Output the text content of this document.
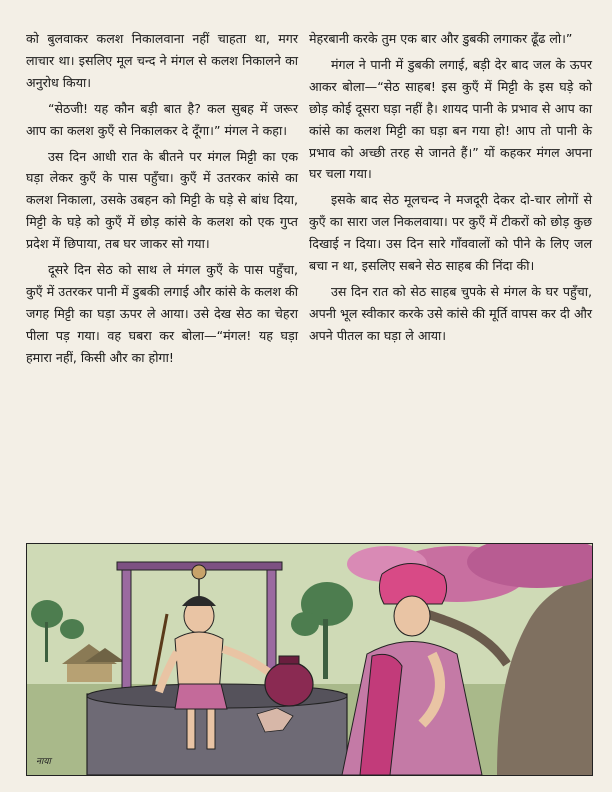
को बुलवाकर कलश निकालवाना नहीं चाहता था, मगर लाचार था। इसलिए मूल चन्द ने मंगल से कलश निकालने का अनुरोध किया।

“सेठजी! यह कौन बड़ी बात है? कल सुबह में जरूर आप का कलश कुएँ से निकालकर दे दूँगा।” मंगल ने कहा।

उस दिन आधी रात के बीतने पर मंगल मिट्टी का एक घड़ा लेकर कुएँ के पास पहुँचा। कुएँ में उतरकर कांसे का कलश निकाला, उसके उबहन को मिट्टी के घड़े से बांध दिया, मिट्टी के घड़े को कुएँ में छोड़ कांसे के कलश को एक गुप्त प्रदेश में छिपाया, तब घर जाकर सो गया।

दूसरे दिन सेठ को साथ ले मंगल कुएँ के पास पहुँचा, कुएँ में उतरकर पानी में डुबकी लगाई और कांसे के कलश की जगह मिट्टी का घड़ा ऊपर ले आया। उसे देख सेठ का चेहरा पीला पड़ गया। वह घबरा कर बोला—“मंगल! यह घड़ा हमारा नहीं, किसी और का होगा!

मेहरबानी करके तुम एक बार और डुबकी लगाकर ढूँढ लो।”

मंगल ने पानी में डुबकी लगाई, बड़ी देर बाद जल के ऊपर आकर बोला—“सेठ साहब! इस कुएँ में मिट्टी के इस घड़े को छोड़ कोई दूसरा घड़ा नहीं है। शायद पानी के प्रभाव से आप का कांसे का कलश मिट्टी का घड़ा बन गया हो! आप तो पानी के प्रभाव को अच्छी तरह से जानते हैं।” यों कहकर मंगल अपना घर चला गया।

इसके बाद सेठ मूलचन्द ने मजदूरी देकर दो-चार लोगों से कुएँ का सारा जल निकलवाया। पर कुएँ में टीकरों को छोड़ कुछ दिखाई न दिया। उस दिन सारे गाँववालों को पीने के लिए जल बचा न था, इसलिए सबने सेठ साहब की निंदा की।

उस दिन रात को सेठ साहब चुपके से मंगल के घर पहुँचा, अपनी भूल स्वीकार करके उसे कांसे की मूर्ति वापस कर दी और अपने पीतल का घड़ा ले आया।

नाया
